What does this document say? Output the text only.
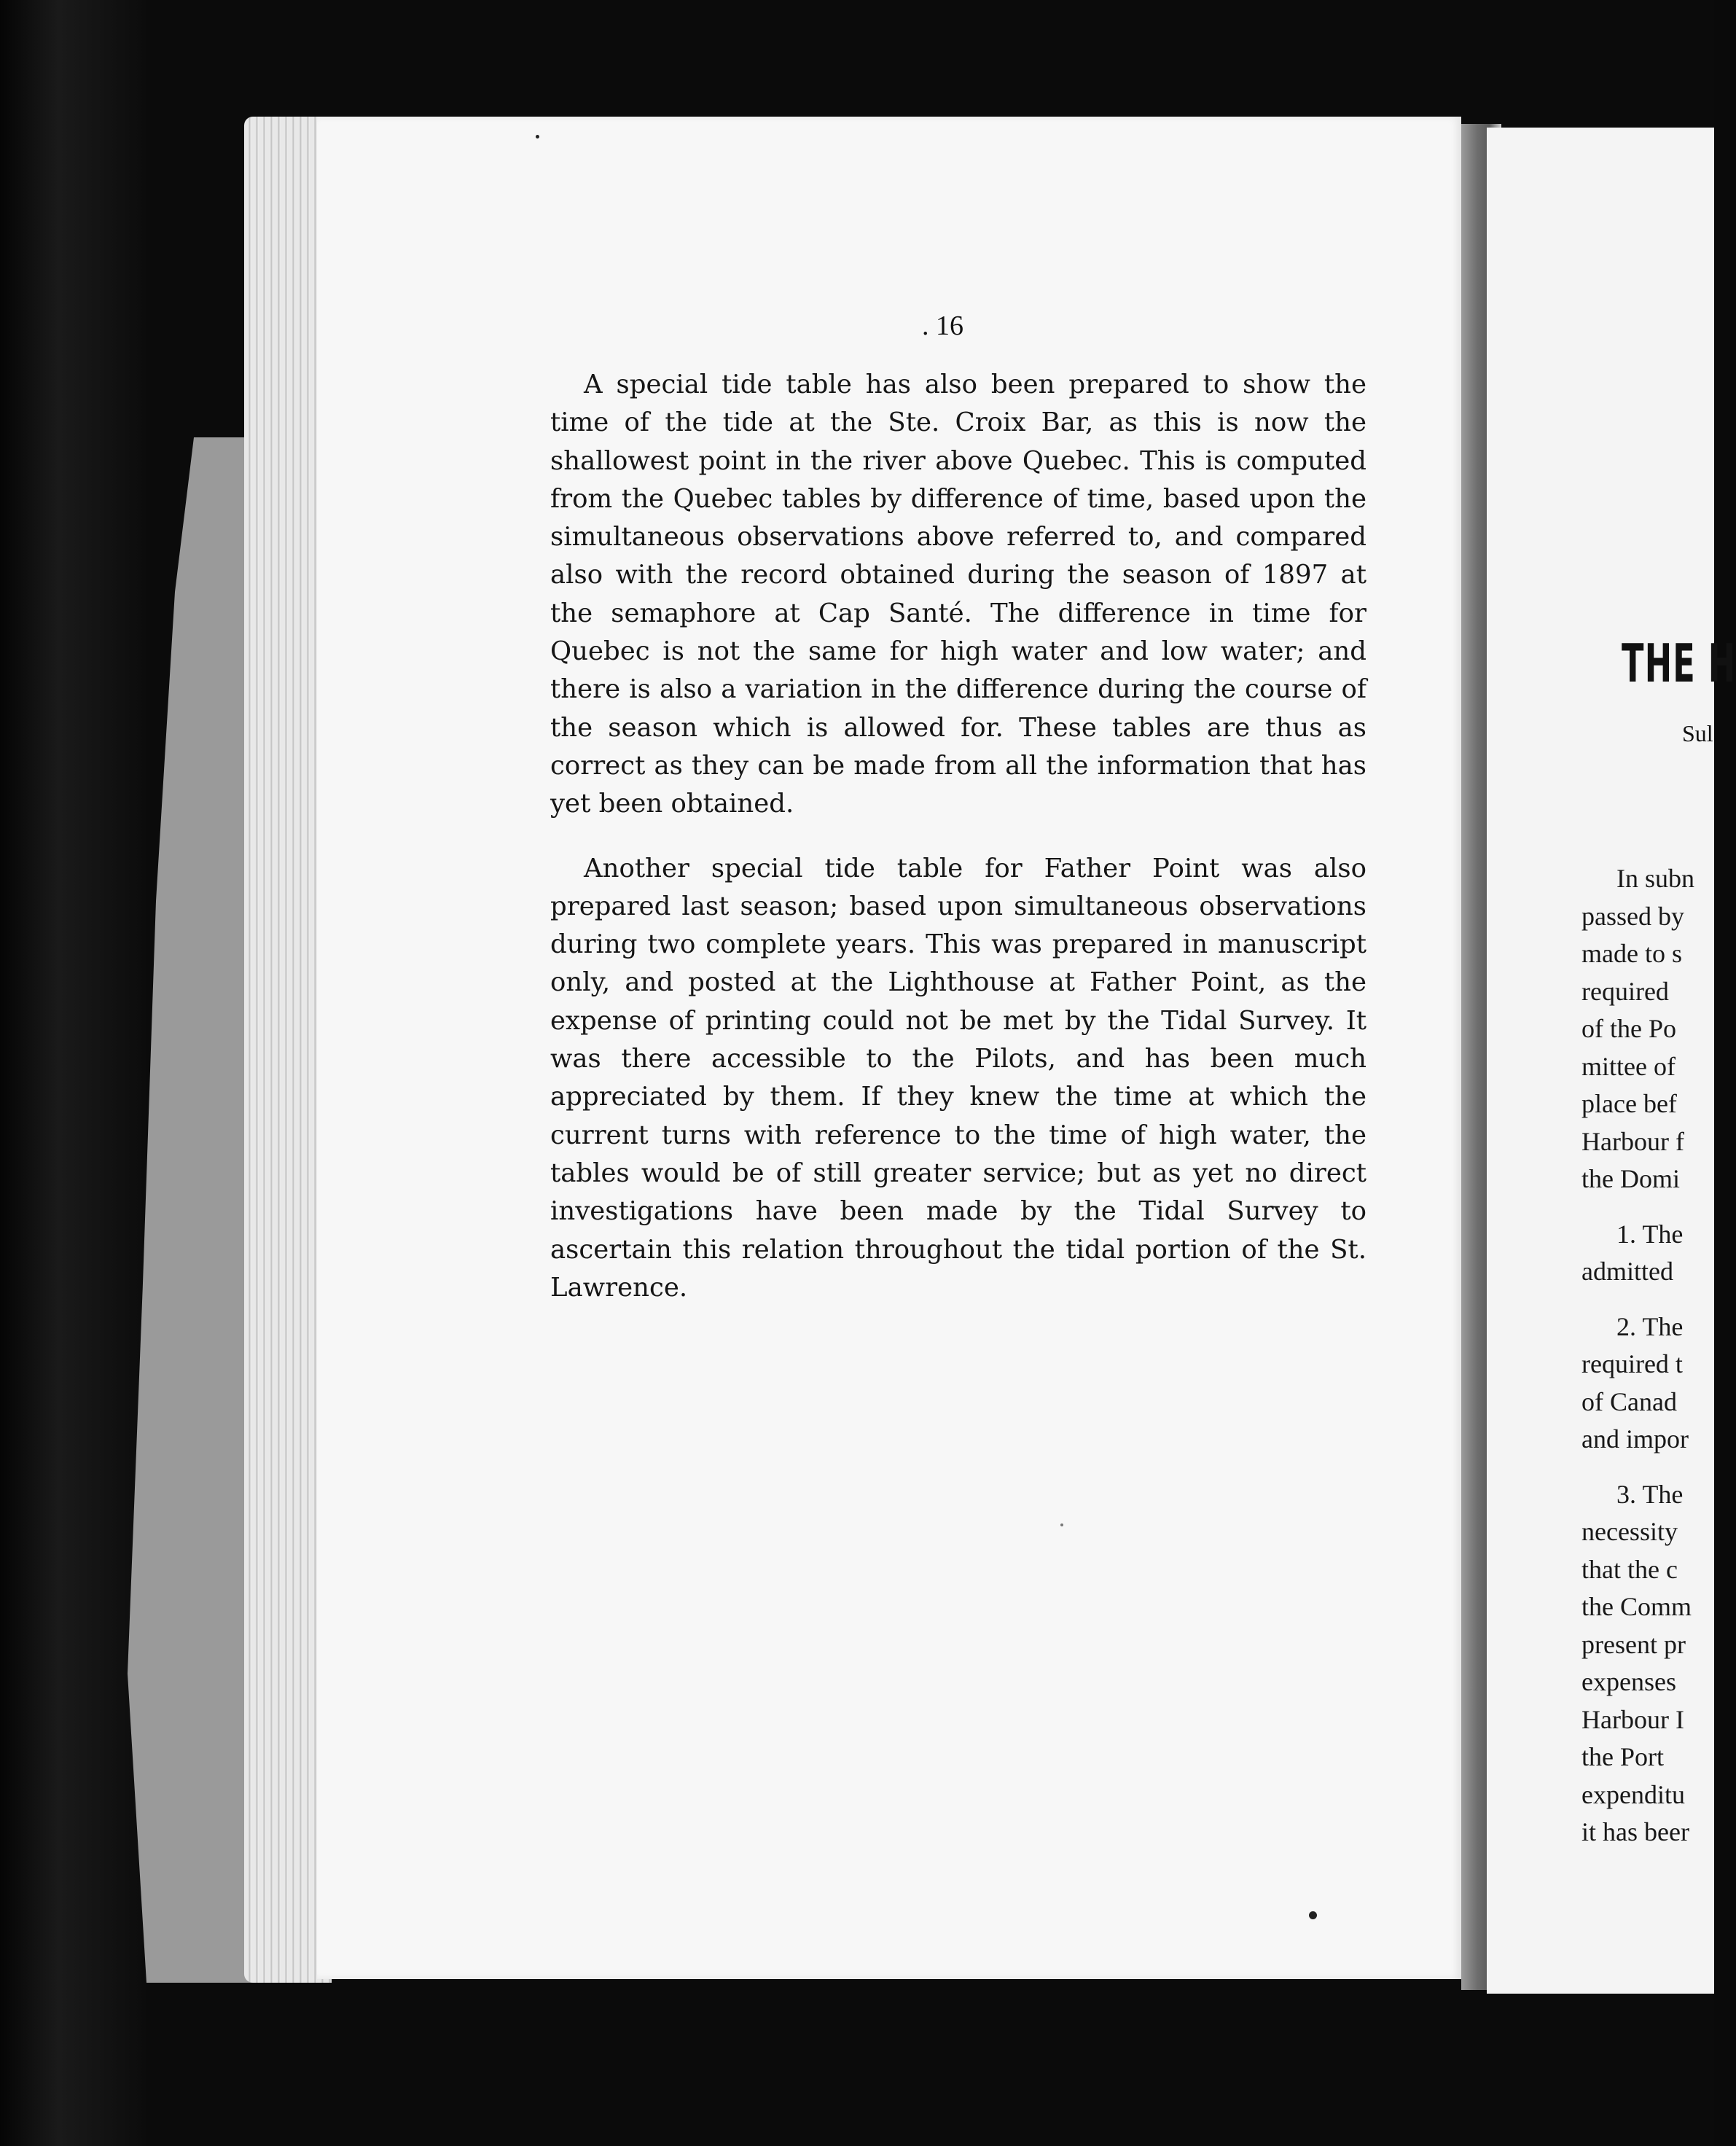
. 16

A special tide table has also been prepared to show the time of the tide at the Ste. Croix Bar, as this is now the shallowest point in the river above Quebec. This is computed from the Quebec tables by difference of time, based upon the simultaneous observations above referred to, and compared also with the record obtained during the season of 1897 at the semaphore at Cap Santé. The difference in time for Quebec is not the same for high water and low water; and there is also a variation in the difference during the course of the season which is allowed for. These tables are thus as correct as they can be made from all the information that has yet been obtained.

Another special tide table for Father Point was also prepared last season; based upon simultaneous observations during two complete years. This was prepared in manuscript only, and posted at the Lighthouse at Father Point, as the expense of printing could not be met by the Tidal Survey. It was there accessible to the Pilots, and has been much appreciated by them. If they knew the time at which the current turns with reference to the time of high water, the tables would be of still greater service; but as yet no direct investigations have been made by the Tidal Survey to ascertain this relation throughout the tidal portion of the St. Lawrence.

THE H
Sul
In subn
passed by
made to s
required
of the Po
mittee of
place bef
Harbour f
the Domi
1. The
admitted
2. The
required t
of Canad
and impor
3. The
necessity
that the c
the Comm
present pr
expenses
Harbour I
the Port
expenditu
it has beer
